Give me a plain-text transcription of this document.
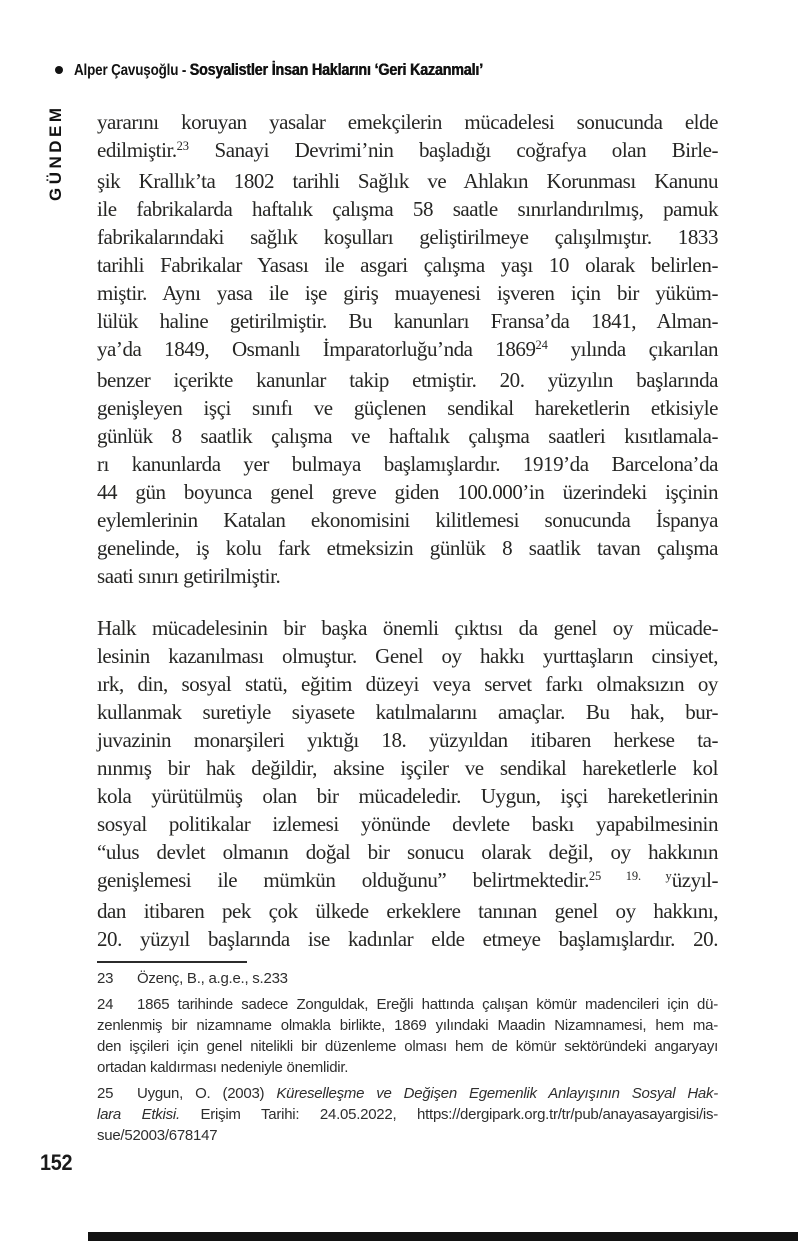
Alper Çavuşoğlu - Sosyalistler İnsan Haklarını ‘Geri Kazanmalı’
GÜNDEM yararını koruyan yasalar emekçilerin mücadelesi sonucunda elde
edilmiştir.$^{23}$ Sanayi Devrimi’nin başladığı coğrafya olan Birle-
şik Krallık’ta 1802 tarihli Sağlık ve Ahlakın Korunması Kanunu
ile fabrikalarda haftalık çalışma 58 saatle sınırlandırılmış, pamuk
fabrikalarındaki sağlık koşulları geliştirilmeye çalışılmıştır. 1833
tarihli Fabrikalar Yasası ile asgari çalışma yaşı 10 olarak belirlen-
miştir. Aynı yasa ile işe giriş muayenesi işveren için bir yüküm-
lülük haline getirilmiştir. Bu kanunları Fransa’da 1841, Alman-
ya’da 1849, Osmanlı İmparatorluğu’nda 1869$^{24}$ yılında çıkarılan
benzer içerikte kanunlar takip etmiştir. 20. yüzyılın başlarında
genişleyen işçi sınıfı ve güçlenen sendikal hareketlerin etkisiyle
günlük 8 saatlik çalışma ve haftalık çalışma saatleri kısıtlamala-
rı kanunlarda yer bulmaya başlamışlardır. 1919’da Barcelona’da
44 gün boyunca genel greve giden 100.000’in üzerindeki işçinin
eylemlerinin Katalan ekonomisini kilitlemesi sonucunda İspanya
genelinde, iş kolu fark etmeksizin günlük 8 saatlik tavan çalışma
saati sınırı getirilmiştir.
Halk mücadelesinin bir başka önemli çıktısı da genel oy mücade-
lesinin kazanılması olmuştur. Genel oy hakkı yurttaşların cinsiyet,
ırk, din, sosyal statü, eğitim düzeyi veya servet farkı olmaksızın oy
kullanmak suretiyle siyasete katılmalarını amaçlar. Bu hak, bur-
juvazinin monarşileri yıktığı 18. yüzyıldan itibaren herkese ta-
nınmış bir hak değildir, aksine işçiler ve sendikal hareketlerle kol
kola yürütülmüş olan bir mücadeledir. Uygun, işçi hareketlerinin
sosyal politikalar izlemesi yönünde devlete baskı yapabilmesinin
“ulus devlet olmanın doğal bir sonucu olarak değil, oy hakkının
genişlemesi ile mümkün olduğunu” belirtmektedir.$^{25 19. y}$üzyıl-
dan itibaren pek çok ülkede erkeklere tanınan genel oy hakkını,
20. yüzyıl başlarında ise kadınlar elde etmeye başlamışlardır. 20.
23 Özenç, B., a.g.e., s.233
24 1865 tarihinde sadece Zonguldak, Ereğli hattında çalışan kömür madencileri için dü-
zenlenmiş bir nizamname olmakla birlikte, 1869 yılındaki Maadin Nizamnamesi, hem ma-
den işçileri için genel nitelikli bir düzenleme olması hem de kömür sektöründeki angaryayı
ortadan kaldırması nedeniyle önemlidir.
25 Uygun, O. (2003) Küreselleşme ve Değişen Egemenlik Anlayışının Sosyal Hak-
lara Etkisi. Erişim Tarihi: 24.05.2022, https://dergipark.org.tr/tr/pub/anayasayargisi/is-
sue/52003/678147
152
